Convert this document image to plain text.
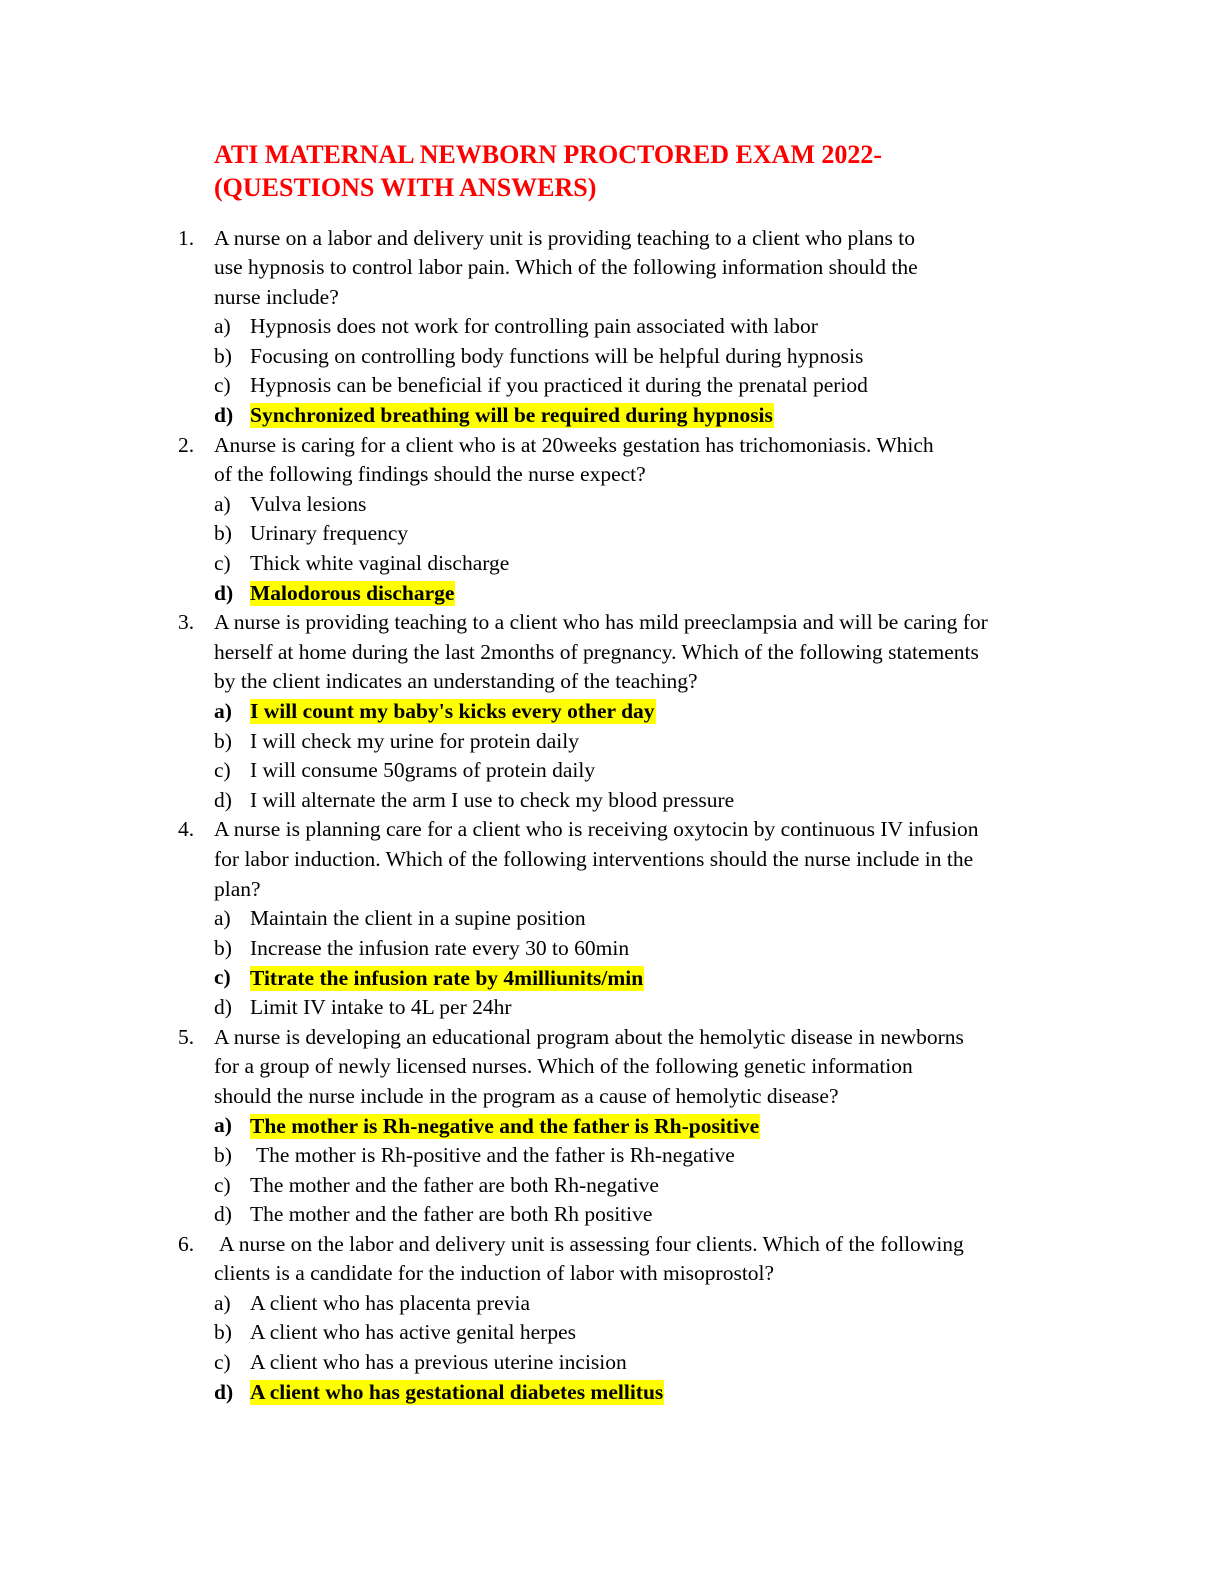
ATI MATERNAL NEWBORN PROCTORED EXAM 2022-
(QUESTIONS WITH ANSWERS)
1. A nurse on a labor and delivery unit is providing teaching to a client who plans to
use hypnosis to control labor pain. Which of the following information should the
nurse include?
a) Hypnosis does not work for controlling pain associated with labor
b) Focusing on controlling body functions will be helpful during hypnosis
c) Hypnosis can be beneficial if you practiced it during the prenatal period
d) Synchronized breathing will be required during hypnosis
2. Anurse is caring for a client who is at 20weeks gestation has trichomoniasis. Which
of the following findings should the nurse expect?
a) Vulva lesions
b) Urinary frequency
c) Thick white vaginal discharge
d) Malodorous discharge
3. A nurse is providing teaching to a client who has mild preeclampsia and will be caring for
herself at home during the last 2months of pregnancy. Which of the following statements
by the client indicates an understanding of the teaching?
a) I will count my baby's kicks every other day
b) I will check my urine for protein daily
c) I will consume 50grams of protein daily
d) I will alternate the arm I use to check my blood pressure
4. A nurse is planning care for a client who is receiving oxytocin by continuous IV infusion
for labor induction. Which of the following interventions should the nurse include in the
plan?
a) Maintain the client in a supine position
b) Increase the infusion rate every 30 to 60min
c) Titrate the infusion rate by 4milliunits/min
d) Limit IV intake to 4L per 24hr
5. A nurse is developing an educational program about the hemolytic disease in newborns
for a group of newly licensed nurses. Which of the following genetic information
should the nurse include in the program as a cause of hemolytic disease?
a) The mother is Rh-negative and the father is Rh-positive
b) The mother is Rh-positive and the father is Rh-negative
c) The mother and the father are both Rh-negative
d) The mother and the father are both Rh positive
6. A nurse on the labor and delivery unit is assessing four clients. Which of the following
clients is a candidate for the induction of labor with misoprostol?
a) A client who has placenta previa
b) A client who has active genital herpes
c) A client who has a previous uterine incision
d) A client who has gestational diabetes mellitus
